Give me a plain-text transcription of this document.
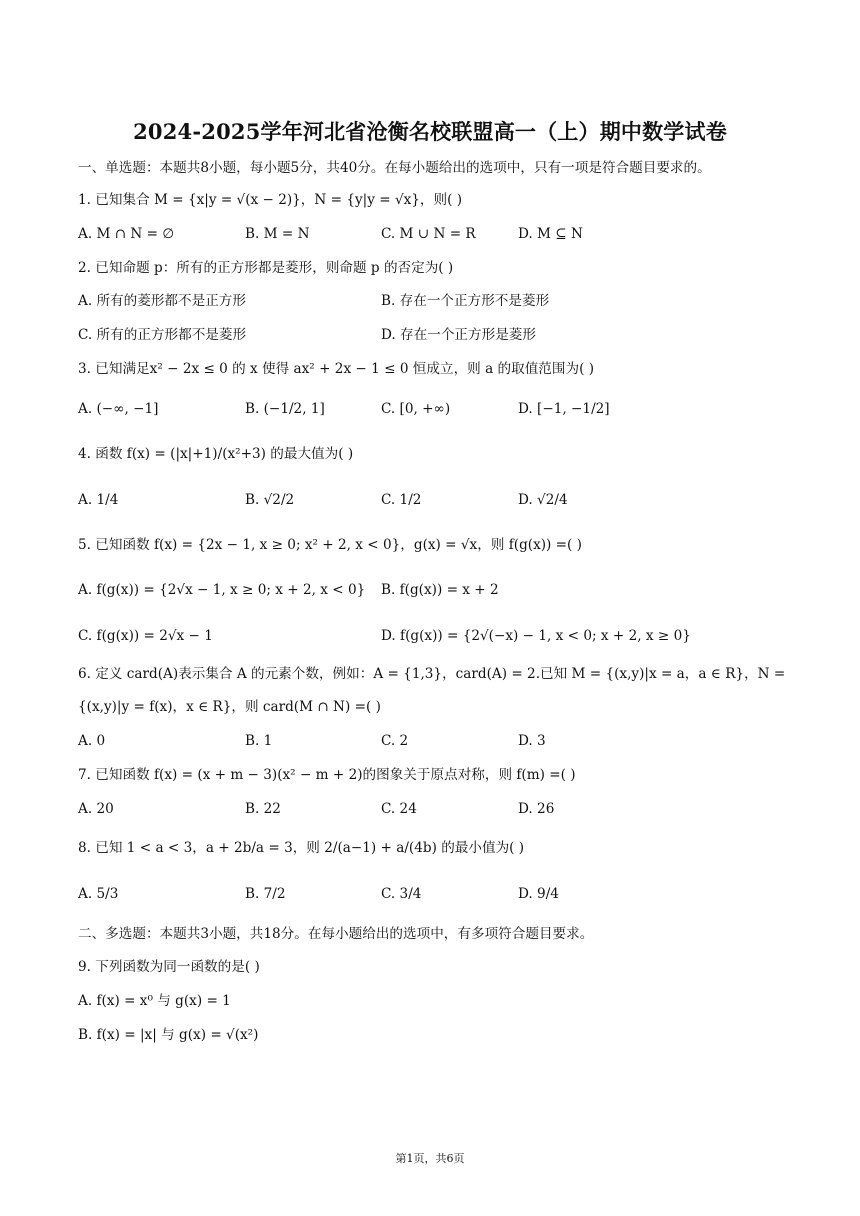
2024-2025学年河北省沧衡名校联盟高一（上）期中数学试卷
一、单选题：本题共8小题，每小题5分，共40分。在每小题给出的选项中，只有一项是符合题目要求的。
1. 已知集合 M = {x|y = √(x − 2)}，N = {y|y = √x}，则( )
A. M ∩ N = ∅	B. M = N	C. M ∪ N = R	D. M ⊆ N
2. 已知命题 p：所有的正方形都是菱形，则命题 p 的否定为( )
A. 所有的菱形都不是正方形	B. 存在一个正方形不是菱形
C. 所有的正方形都不是菱形	D. 存在一个正方形是菱形
3. 已知满足x² − 2x ≤ 0 的 x 使得 ax² + 2x − 1 ≤ 0 恒成立，则 a 的取值范围为( )
A. (−∞, −1]	B. (−1/2, 1]	C. [0, +∞)	D. [−1, −1/2]
4. 函数 f(x) = (|x|+1)/(x²+3) 的最大值为( )
A. 1/4	B. √2/2	C. 1/2	D. √2/4
5. 已知函数 f(x) = {2x − 1, x ≥ 0; x² + 2, x < 0}，g(x) = √x，则 f(g(x)) =( )
A. f(g(x)) = {2√x − 1, x ≥ 0; x + 2, x < 0} B. f(g(x)) = x + 2
C. f(g(x)) = 2√x − 1	D. f(g(x)) = {2√(−x) − 1, x < 0; x + 2, x ≥ 0}
6. 定义 card(A)表示集合 A 的元素个数，例如：A = {1,3}，card(A) = 2.已知 M = {(x,y)|x = a，a ∈ R}，N =
{(x,y)|y = f(x)，x ∈ R}，则 card(M ∩ N) =( )
A. 0	B. 1	C. 2	D. 3
7. 已知函数 f(x) = (x + m − 3)(x² − m + 2)的图象关于原点对称，则 f(m) =( )
A. 20	B. 22	C. 24	D. 26
8. 已知 1 < a < 3，a + 2b/a = 3，则 2/(a−1) + a/(4b) 的最小值为( )
A. 5/3	B. 7/2	C. 3/4	D. 9/4
二、多选题：本题共3小题，共18分。在每小题给出的选项中，有多项符合题目要求。
9. 下列函数为同一函数的是( )
A. f(x) = x⁰ 与 g(x) = 1
B. f(x) = |x| 与 g(x) = √(x²)
第1页，共6页
